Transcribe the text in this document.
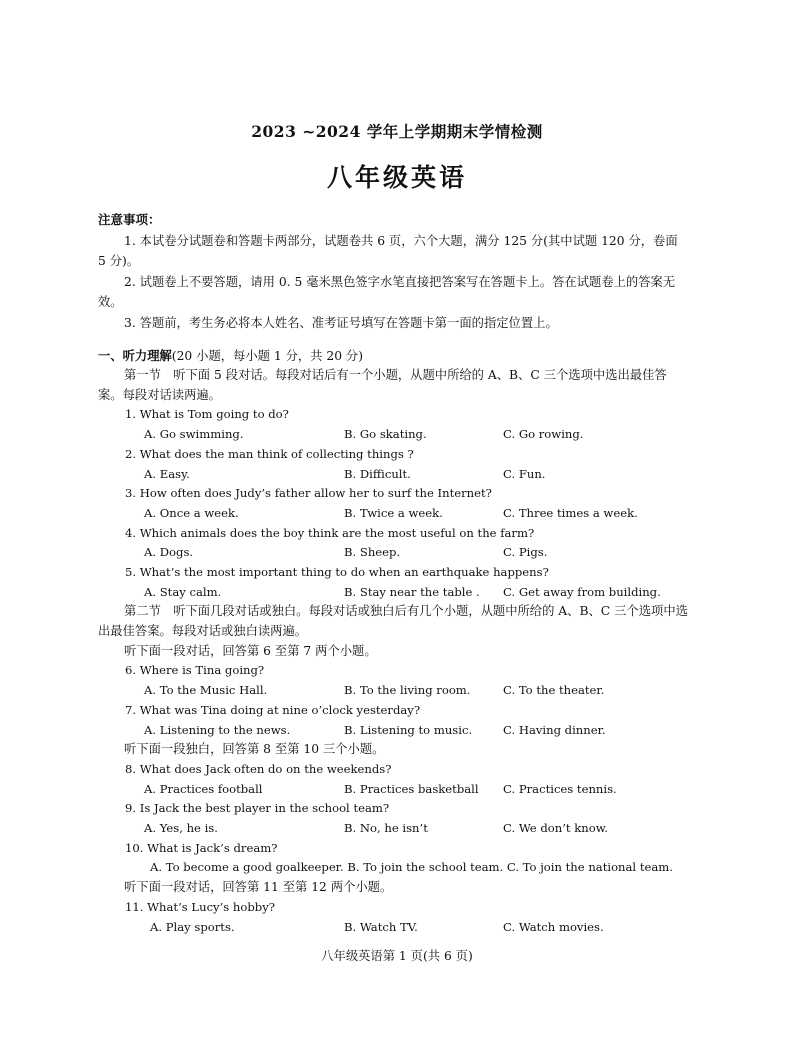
2023 ~2024 学年上学期期末学情检测
八年级英语
注意事项：
1. 本试卷分试题卷和答题卡两部分，试题卷共 6 页，六个大题，满分 125 分(其中试题 120 分，卷面 5 分)。
2. 试题卷上不要答题，请用 0. 5 毫米黑色签字水笔直接把答案写在答题卡上。答在试题卷上的答案无效。
3. 答题前，考生务必将本人姓名、准考证号填写在答题卡第一面的指定位置上。
一、听力理解(20 小题，每小题 1 分，共 20 分)

第一节　听下面 5 段对话。每段对话后有一个小题，从题中所给的 A、B、C 三个选项中选出最佳答案。每段对话读两遍。

1. What is Tom going to do?
A. Go swimming.	B. Go skating.	C. Go rowing.
2. What does the man think of collecting things ?
A. Easy.	B. Difficult.	C. Fun.
3. How often does Judy’s father allow her to surf the Internet?
A. Once a week.	B. Twice a week.	C. Three times a week.
4. Which animals does the boy think are the most useful on the farm?
A. Dogs.	B. Sheep.	C. Pigs.
5. What’s the most important thing to do when an earthquake happens?
A. Stay calm.	B. Stay near the table . C. Get away from building.

第二节　听下面几段对话或独白。每段对话或独白后有几个小题，从题中所给的 A、B、C 三个选项中选出最佳答案。每段对话或独白读两遍。

听下面一段对话，回答第 6 至第 7 两个小题。

6. Where is Tina going?
A. To the Music Hall.	B. To the living room.	C. To the theater.
7. What was Tina doing at nine o’clock yesterday?
A. Listening to the news.	B. Listening to music.	C. Having dinner.

听下面一段独白，回答第 8 至第 10 三个小题。

8. What does Jack often do on the weekends?
A. Practices football	B. Practices basketball C. Practices tennis.
9. Is Jack the best player in the school team?
A. Yes, he is.	B. No, he isn’t	C. We don’t know.
10. What is Jack’s dream?
A. To become a good goalkeeper. B. To join the school team. C. To join the national team.

听下面一段对话，回答第 11 至第 12 两个小题。

11. What’s Lucy’s hobby?
A. Play sports.	B. Watch TV.	C. Watch movies.
八年级英语第 1 页(共 6 页)
